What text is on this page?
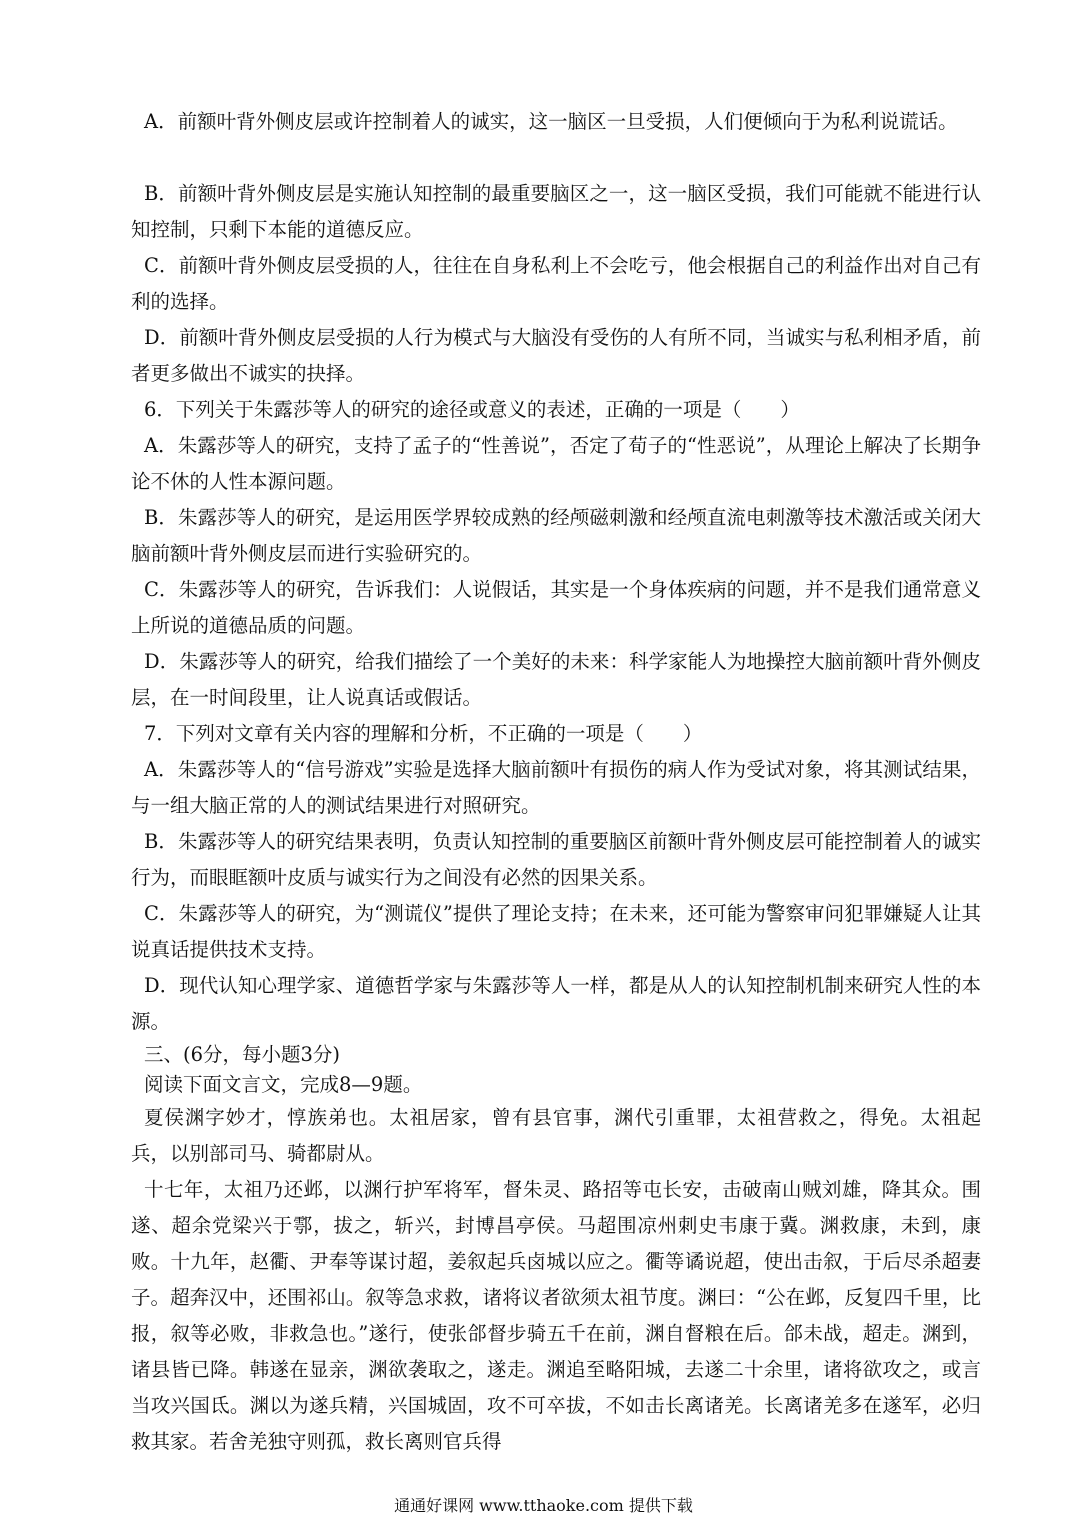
A．前额叶背外侧皮层或许控制着人的诚实，这一脑区一旦受损，人们便倾向于为私利说谎话。

B．前额叶背外侧皮层是实施认知控制的最重要脑区之一，这一脑区受损，我们可能就不能进行认知控制，只剩下本能的道德反应。

C．前额叶背外侧皮层受损的人，往往在自身私利上不会吃亏，他会根据自己的利益作出对自己有利的选择。

D．前额叶背外侧皮层受损的人行为模式与大脑没有受伤的人有所不同，当诚实与私利相矛盾，前者更多做出不诚实的抉择。

6．下列关于朱露莎等人的研究的途径或意义的表述，正确的一项是（　　）

A．朱露莎等人的研究，支持了孟子的“性善说”，否定了荀子的“性恶说”，从理论上解决了长期争论不休的人性本源问题。

B．朱露莎等人的研究，是运用医学界较成熟的经颅磁刺激和经颅直流电刺激等技术激活或关闭大脑前额叶背外侧皮层而进行实验研究的。

C．朱露莎等人的研究，告诉我们：人说假话，其实是一个身体疾病的问题，并不是我们通常意义上所说的道德品质的问题。

D．朱露莎等人的研究，给我们描绘了一个美好的未来：科学家能人为地操控大脑前额叶背外侧皮层，在一时间段里，让人说真话或假话。

7．下列对文章有关内容的理解和分析，不正确的一项是（　　）

A．朱露莎等人的“信号游戏”实验是选择大脑前额叶有损伤的病人作为受试对象，将其测试结果，与一组大脑正常的人的测试结果进行对照研究。

B．朱露莎等人的研究结果表明，负责认知控制的重要脑区前额叶背外侧皮层可能控制着人的诚实行为，而眼眶额叶皮质与诚实行为之间没有必然的因果关系。

C．朱露莎等人的研究，为“测谎仪”提供了理论支持；在未来，还可能为警察审问犯罪嫌疑人让其说真话提供技术支持。

D．现代认知心理学家、道德哲学家与朱露莎等人一样，都是从人的认知控制机制来研究人性的本源。

三、(6分，每小题3分)

阅读下面文言文，完成8—9题。

夏侯渊字妙才，惇族弟也。太祖居家，曾有县官事，渊代引重罪，太祖营救之，得免。太祖起兵，以别部司马、骑都尉从。

十七年，太祖乃还邺，以渊行护军将军，督朱灵、路招等屯长安，击破南山贼刘雄，降其众。围遂、超余党梁兴于鄠，拔之，斩兴，封博昌亭侯。马超围凉州刺史韦康于冀。渊救康，未到，康败。十九年，赵衢、尹奉等谋讨超，姜叙起兵卤城以应之。衢等谲说超，使出击叙，于后尽杀超妻子。超奔汉中，还围祁山。叙等急求救，诸将议者欲须太祖节度。渊曰：“公在邺，反复四千里，比报，叙等必败，非救急也。”遂行，使张郃督步骑五千在前，渊自督粮在后。郃未战，超走。渊到，诸县皆已降。韩遂在显亲，渊欲袭取之，遂走。渊追至略阳城，去遂二十余里，诸将欲攻之，或言当攻兴国氐。渊以为遂兵精，兴国城固，攻不可卒拔，不如击长离诸羌。长离诸羌多在遂军，必归救其家。若舍羌独守则孤，救长离则官兵得

通通好课网 www.tthaoke.com 提供下载
